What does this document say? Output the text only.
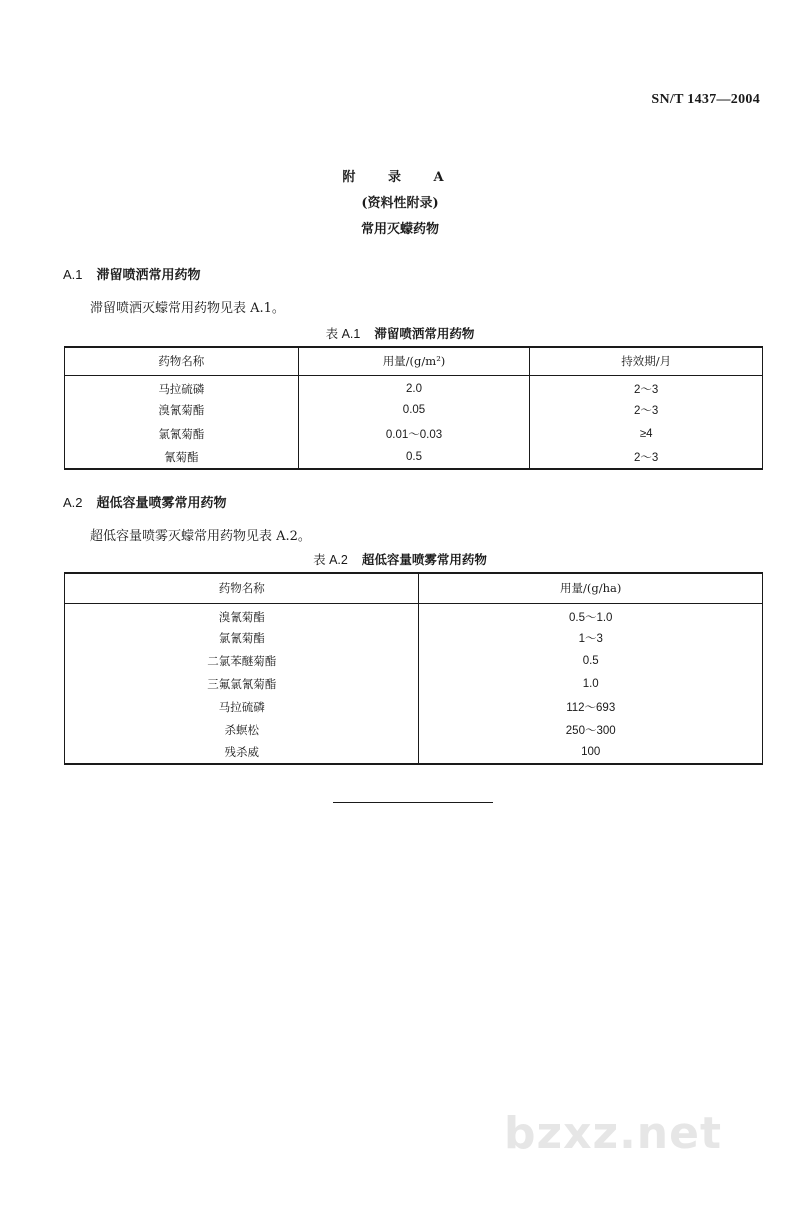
SN/T 1437—2004
附 录 A
(资料性附录)
常用灭蠓药物
A.1 滞留喷洒常用药物
滞留喷洒灭蠓常用药物见表 A.1。
表 A.1 滞留喷洒常用药物
药物名称	用量/(g/m²)	持效期/月
马拉硫磷	2.0	2～3
溴氰菊酯	0.05	2～3
氯氰菊酯	0.01～0.03	≥4
氰菊酯	0.5	2～3
A.2 超低容量喷雾常用药物
超低容量喷雾灭蠓常用药物见表 A.2。
表 A.2 超低容量喷雾常用药物
药物名称	用量/(g/ha)
溴氰菊酯	0.5～1.0
氯氰菊酯	1～3
二氯苯醚菊酯	0.5
三氟氯氰菊酯	1.0
马拉硫磷	112～693
杀螟松	250～300
残杀威	100
bzxz.net
